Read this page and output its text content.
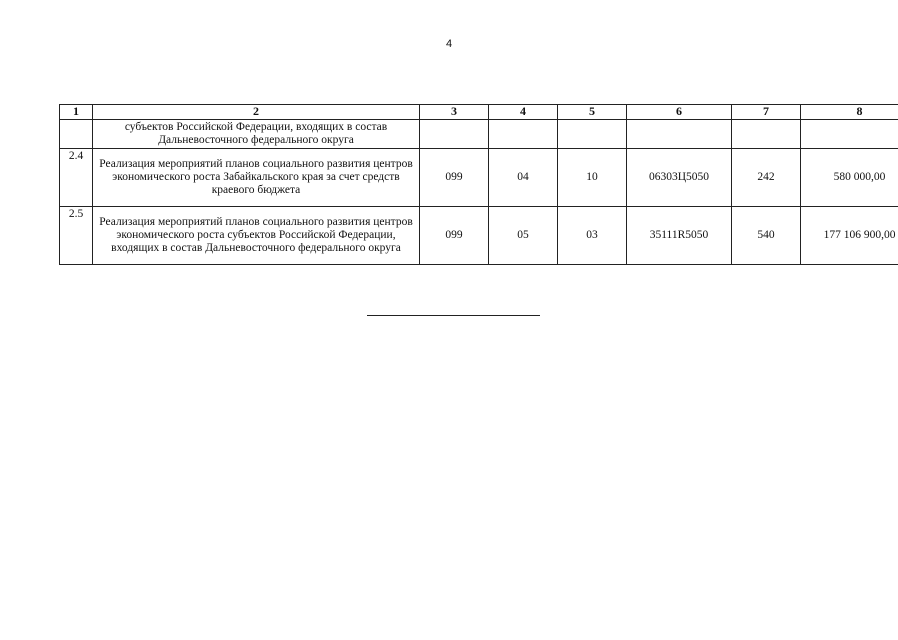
4
1	2	3	4	5	6	7	8
	субъектов Российской Федерации, входящих в состав Дальневосточного федерального округа						
2.4	Реализация мероприятий планов социального развития центров экономического роста Забайкальского края за счет средств краевого бюджета	099	04	10	06303Ц5050	242	580 000,00
2.5	Реализация мероприятий планов социального развития центров экономического роста субъектов Российской Федерации, входящих в состав Дальневосточного федерального округа	099	05	03	35111R5050	540	177 106 900,00
